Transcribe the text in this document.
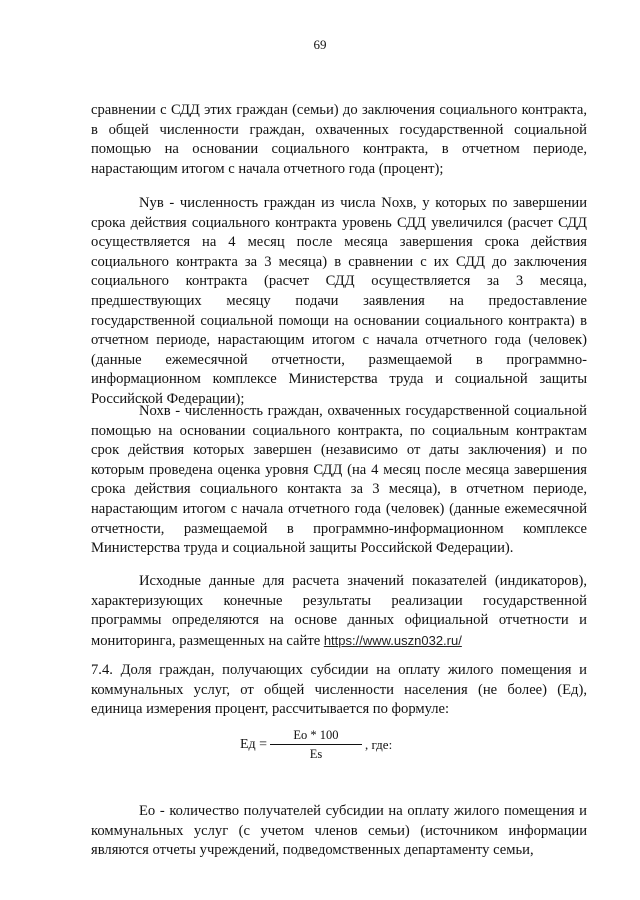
69

сравнении с СДД этих граждан (семьи) до заключения социального контракта, в общей численности граждан, охваченных государственной социальной помощью на основании социального контракта, в отчетном периоде, нарастающим итогом с начала отчетного года (процент);

Nув - численность граждан из числа Nохв, у которых по завершении срока действия социального контракта уровень СДД увеличился (расчет СДД осуществляется на 4 месяц после месяца завершения срока действия социального контракта за 3 месяца) в сравнении с их СДД до заключения социального контракта (расчет СДД осуществляется за 3 месяца, предшествующих месяцу подачи заявления на предоставление государственной социальной помощи на основании социального контракта) в отчетном периоде, нарастающим итогом с начала отчетного года (человек) (данные ежемесячной отчетности, размещаемой в программно-информационном комплексе Министерства труда и социальной защиты Российской Федерации);

Nохв - численность граждан, охваченных государственной социальной помощью на основании социального контракта, по социальным контрактам срок действия которых завершен (независимо от даты заключения) и по которым проведена оценка уровня СДД (на 4 месяц после месяца завершения срока действия социального контакта за 3 месяца), в отчетном периоде, нарастающим итогом с начала отчетного года (человек) (данные ежемесячной отчетности, размещаемой в программно-информационном комплексе Министерства труда и социальной защиты Российской Федерации).

Исходные данные для расчета значений показателей (индикаторов), характеризующих конечные результаты реализации государственной программы определяются на основе данных официальной отчетности и мониторинга, размещенных на сайте https://www.uszn032.ru/

7.4. Доля граждан, получающих субсидии на оплату жилого помещения и коммунальных услуг, от общей численности населения (не более) (Ед), единица измерения процент, рассчитывается по формуле:

Ед =
Ео * 100
Es
, где:

Ео - количество получателей субсидии на оплату жилого помещения и коммунальных услуг (с учетом членов семьи) (источником информации являются отчеты учреждений, подведомственных департаменту семьи,
